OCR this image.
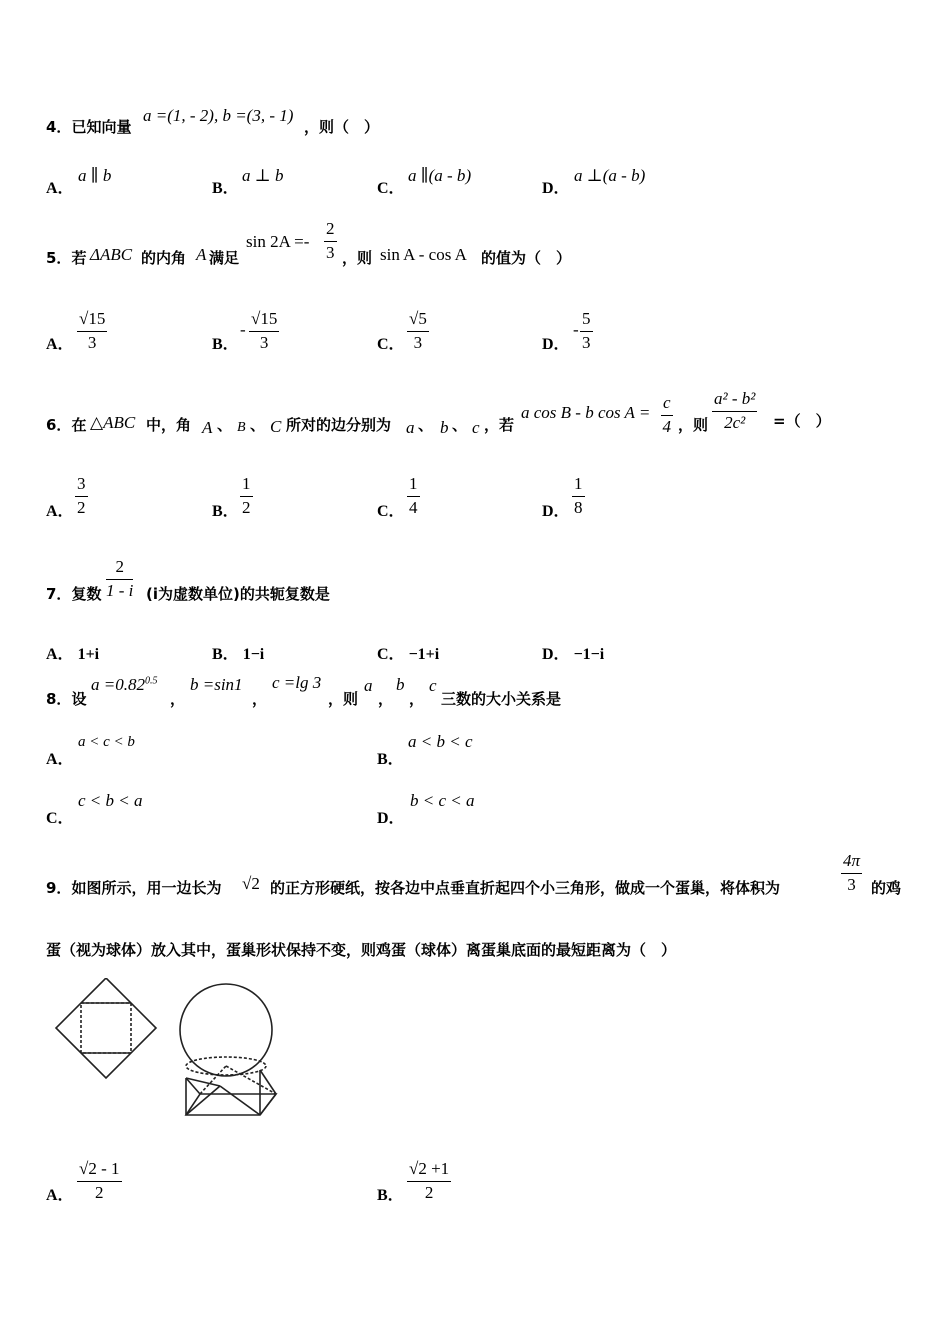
4．已知向量
a =(1, - 2), b =(3, - 1)
，则（　）
A．
a ∥ b
B．
a ⊥ b
C．
a ∥(a - b)
D．
a ⊥(a - b)
5．若 ΔABC 的内角 A 满足
$\sin 2A =- \frac{2}{3}$ ，则 sin A - cos A 的值为（　）
A． $\frac{√15}{3}$	B．
- $\frac{√15}{3}$	C． $\frac{√5}{3}$	D．
- $\frac{5}{3}$
6．在 △ABC 中，角 A 、 B 、 C 所对的边分别为 a 、 b 、 c ，若
a cos B - b $\cos A = \frac{c}{4}$ ，则 $\frac{\text{a² - b²}}{\text{2c²}}$ =（　）
A． $\frac{3}{2}$	B． $\frac{1}{2}$	C． $\frac{1}{4}$	D． $\frac{1}{8}$
7．复数 $\frac{2}{1 - i} (i$为虚数单位)的共轭复数是
A． 1+i	B． 1−i	C． −1+i	D． −1−i
8．设
$a =0.82^{0.5}$
，
b =sin1
，
c =lg 3
，则
a
，
b
，
c
三数的大小关系是
A．
a < c < b
B．
a < b < c
C．
c < b < a
D．
b < c < a
9．如图所示，用一边长为 √2 的正方形硬纸，按各边中点垂直折起四个小三角形，做成一个蛋巢，将体积为	$\frac{4\pi}{3}$ 的鸡
蛋（视为球体）放入其中，蛋巢形状保持不变，则鸡蛋（球体）离蛋巢底面的最短距离为（　）
A． $\frac{√2 - 1}{2}$	B． $\frac{√2 +1}{2}$
